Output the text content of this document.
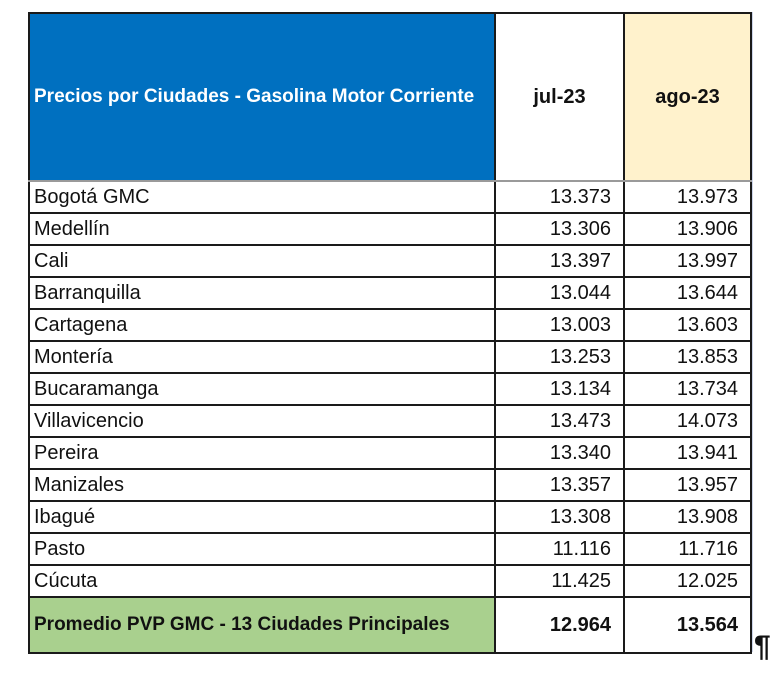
Precios por Ciudades - Gasolina Motor Corriente	jul-23	ago-23
Bogotá GMC	13.373	13.973
Medellín	13.306	13.906
Cali	13.397	13.997
Barranquilla	13.044	13.644
Cartagena	13.003	13.603
Montería	13.253	13.853
Bucaramanga	13.134	13.734
Villavicencio	13.473	14.073
Pereira	13.340	13.941
Manizales	13.357	13.957
Ibagué	13.308	13.908
Pasto	11.116	11.716
Cúcuta	11.425	12.025
Promedio PVP GMC - 13 Ciudades Principales	12.964	13.564
¶
